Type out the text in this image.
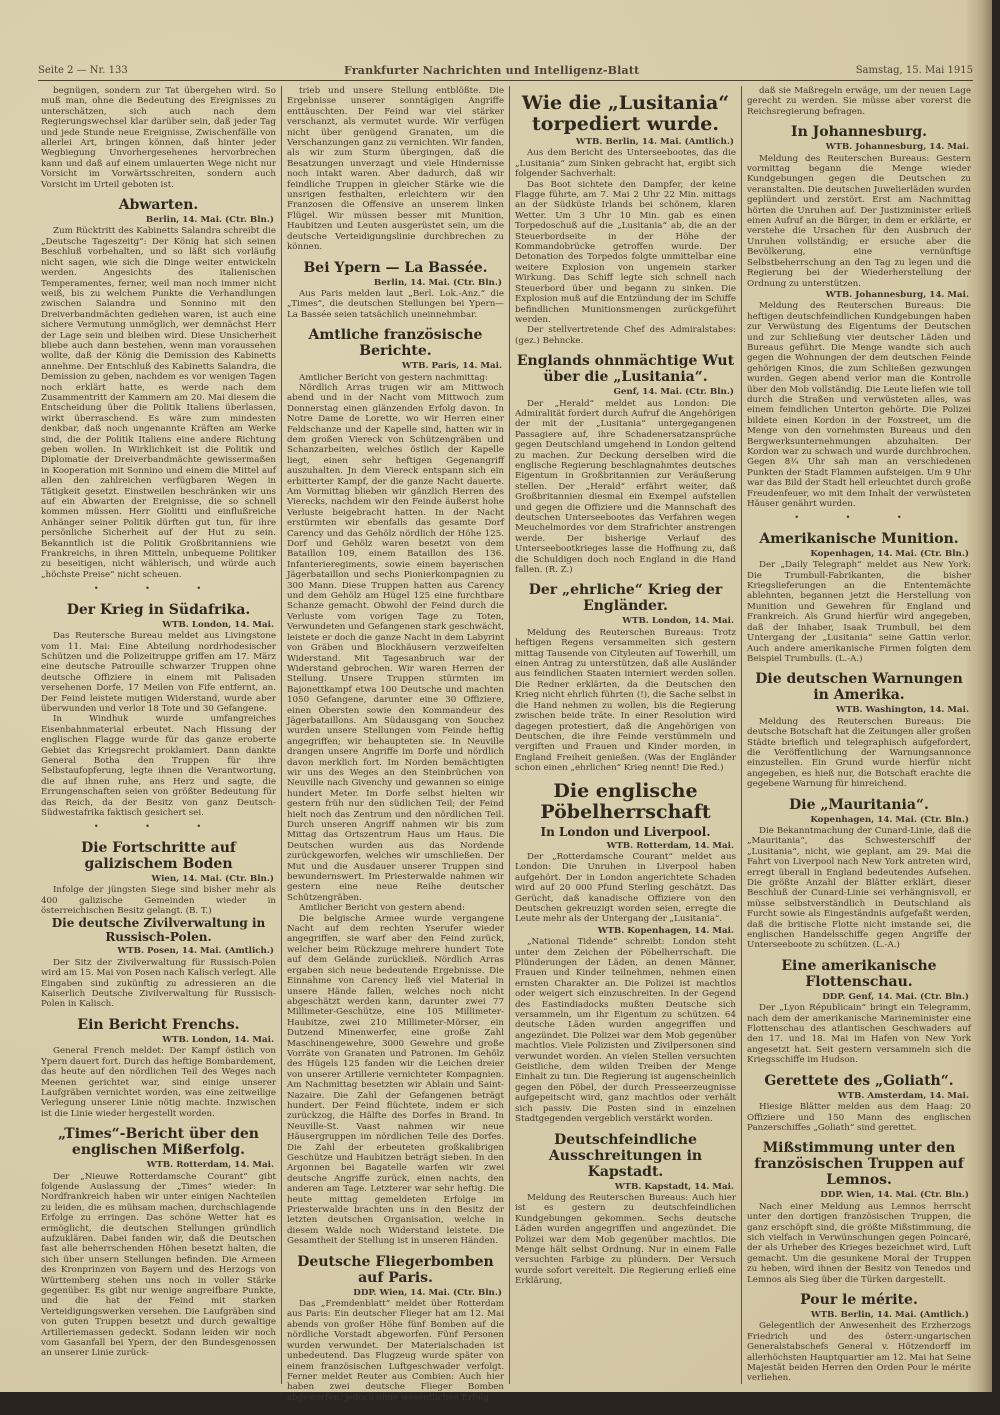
Seite 2 — Nr. 133	Frankfurter Nachrichten und Intelligenz-Blatt	Samstag, 15. Mai 1915

begnügen, sondern zur Tat übergehen wird. So muß man, ohne die Bedeutung des Ereignisses zu unterschätzen, sich auch nach dem Regierungswechsel klar darüber sein, daß jeder Tag und jede Stunde neue Ereignisse, Zwischenfälle von allerlei Art, bringen können, daß hinter jeder Wegbiegung Unvorhergesehenes hervorbrechen kann und daß auf einem umlauerten Wege nicht nur Vorsicht im Vorwärtsschreiten, sondern auch Vorsicht im Urteil geboten ist.

Abwarten.
Berlin, 14. Mai. (Ctr. Bln.)

Zum Rücktritt des Kabinetts Salandra schreibt die „Deutsche Tageszeitg“: Der König hat sich seinen Beschluß vorbehalten, und so läßt sich vorläufig nicht sagen, wie sich die Dinge weiter entwickeln werden. Angesichts des italienischen Temperamentes, ferner, weil man noch immer nicht weiß, bis zu welchem Punkte die Verhandlungen zwischen Salandra und Sonnino mit den Dreiverbandmächten gediehen waren, ist auch eine sichere Vermutung unmöglich, wer demnächst Herr der Lage sein und bleiben wird. Diese Unsicherheit bliebe auch dann bestehen, wenn man voraussehen wollte, daß der König die Demission des Kabinetts annehme. Der Entschluß des Kabinetts Salandra, die Demission zu geben, nachdem es vor wenigen Tagen noch erklärt hatte, es werde nach dem Zusammentritt der Kammern am 20. Mai diesem die Entscheidung über die Politik Italiens überlassen, wirkt überraschend. Es wäre zum mindesten denkbar, daß noch ungenannte Kräften am Werke sind, die der Politik Italiens eine andere Richtung geben wollen. In Wirklichkeit ist die Politik und Diplomatie der Dreiverbandmächte gewissermaßen in Kooperation mit Sonnino und einem die Mittel auf allen den zahlreichen verfügbaren Wegen in Tätigkeit gesetzt. Einstweilen beschränken wir uns auf ein Abwarten der Ereignisse, die so schnell kommen müssen. Herr Giolitti und einflußreiche Anhänger seiner Politik dürften gut tun, für ihre persönliche Sicherheit auf der Hut zu sein. Bekanntlich ist die Politik Großbritanniens wie Frankreichs, in ihren Mitteln, unbequeme Politiker zu beseitigen, nicht wählerisch, und würde auch „höchste Preise“ nicht scheuen.

• • •
Der Krieg in Südafrika.
WTB. London, 14. Mai.

Das Reutersche Bureau meldet aus Livingstone vom 11. Mai: Eine Abteilung nordrhodesischer Schützen und die Polizeitruppe griffen am 17. März eine deutsche Patrouille schwarzer Truppen ohne deutsche Offiziere in einem mit Palisaden versehenen Dorfe, 17 Meilen von Fife entfernt, an. Der Feind leistete mutigen Widerstand, wurde aber überwunden und verlor 18 Tote und 30 Gefangene.

In Windhuk wurde umfangreiches Eisenbahnmaterial erbeutet. Nach Hissung der englischen Flagge wurde für das ganze eroberte Gebiet das Kriegsrecht proklamiert. Dann dankte General Botha den Truppen für ihre Selbstaufopferung, legte ihnen die Verantwortung, die auf ihnen ruhe, ans Herz und sagte, die Errungenschaften seien von größter Bedeutung für das Reich, da der Besitz von ganz Deutsch-Südwestafrika faktisch gesichert sei.

• • •
Die Fortschritte auf galizischem Boden
Wien, 14. Mai. (Ctr. Bln.)

Infolge der jüngsten Siege sind bisher mehr als 400 galizische Gemeinden wieder in österreichischen Besitz gelangt. (B. T.)

Die deutsche Zivilverwaltung in Russisch-Polen.
WTB. Posen, 14. Mai. (Amtlich.)

Der Sitz der Zivilverwaltung für Russisch-Polen wird am 15. Mai von Posen nach Kalisch verlegt. Alle Eingaben sind zukünftig zu adressieren an die Kaiserlich Deutsche Zivilverwaltung für Russisch-Polen in Kalisch.

Ein Bericht Frenchs.
WTB. London, 14. Mai.

General French meldet: Der Kampf östlich von Ypern dauert fort. Durch das heftige Bombardement, das heute auf den nördlichen Teil des Weges nach Meenen gerichtet war, sind einige unserer Laufgräben vernichtet worden, was eine zeitweilige Verlegung unserer Linie nötig machte. Inzwischen ist die Linie wieder hergestellt worden.

„Times“-Bericht über den englischen Mißerfolg.
WTB. Rotterdam, 14. Mai.

Der „Nieuwe Rotterdamsche Courant“ gibt folgende Auslassung der „Times“ wieder: In Nordfrankreich haben wir unter einigen Nachteilen zu leiden, die es mühsam machen, durchschlagende Erfolge zu erringen. Das schöne Wetter hat es ermöglicht, die deutschen Stellungen gründlich aufzuklären. Dabei fanden wir, daß die Deutschen fast alle beherrschenden Höhen besetzt halten, die sich über unsern Stellungen befinden. Die Armeen des Kronprinzen von Bayern und des Herzogs von Württemberg stehen uns noch in voller Stärke gegenüber. Es gibt nur wenige angreifbare Punkte, und die hat der Feind mit starken Verteidigungswerken versehen. Die Laufgräben sind von guten Truppen besetzt und durch gewaltige Artilleriemassen gedeckt. Sodann leiden wir noch vom Gasanfall bei Ypern, der den Bundesgenossen an unserer Linie zurück-

trieb und unsere Stellung entblößte. Die Ergebnisse unserer sonntägigen Angriffe enttäuschten. Der Feind war viel stärker verschanzt, als vermutet wurde. Wir verfügen nicht über genügend Granaten, um die Verschanzungen ganz zu vernichten. Wir fanden, als wir zum Sturm übergingen, daß die Besatzungen unverzagt und viele Hindernisse noch intakt waren. Aber dadurch, daß wir feindliche Truppen in gleicher Stärke wie die unsrigen festhalten, erleichtern wir den Franzosen die Offensive an unserem linken Flügel. Wir müssen besser mit Munition, Haubitzen und Leuten ausgerüstet sein, um die deutsche Verteidigungslinie durchbrechen zu können.

Bei Ypern — La Bassée.
Berlin, 14. Mai. (Ctr. Bln.)

Aus Paris melden laut „Berl. Lok.-Anz.“ die „Times“, die deutschen Stellungen bei Ypern—La Bassée seien tatsächlich uneinnehmbar.

Amtliche französische Berichte.
WTB. Paris, 14. Mai.

Amtlicher Bericht von gestern nachmittag:

Nördlich Arras trugen wir am Mittwoch abend und in der Nacht vom Mittwoch zum Donnerstag einen glänzenden Erfolg davon. In Notre Dame de Lorette, wo wir Herren einer Feldschanze und der Kapelle sind, hatten wir in dem großen Viereck von Schützengräben und Schanzarbeiten, welches östlich der Kapelle liegt, einen sehr heftigen Gegenangriff auszuhalten. Jn dem Viereck entspann sich ein erbitterter Kampf, der die ganze Nacht dauerte. Am Vormittag blieben wir gänzlich Herren des Vierecks, nachdem wir den Feinde äußerst hohe Verluste beigebracht hatten. In der Nacht erstürmten wir ebenfalls das gesamte Dorf Carency und das Gehölz nördlich der Höhe 125. Dorf und Gehölz waren besetzt von dem Bataillon 109, einem Bataillon des 136. Infanterieregiments, sowie einem bayerischen Jägerbataillon und sechs Pionierkompagnien zu 300 Mann. Diese Truppen hatten aus Carency und dem Gehölz am Hügel 125 eine furchtbare Schanze gemacht. Obwohl der Feind durch die Verluste vom vorigen Tage zu Toten, Verwundeten und Gefangenen stark geschwächt, leistete er doch die ganze Nacht in dem Labyrint von Gräben und Blockhäusern verzweifelten Widerstand. Mit Tagesanbruch war der Widerstand gebrochen. Wir waren Herren der Stellung. Unsere Truppen stürmten im Bajonettkampf etwa 100 Deutsche und machten 1050 Gefangene, darunter eine 30 Offiziere, einen Obersten sowie den Kommandeur des Jägerbataillons. Am Südausgang von Souchez wurden unsere Stellungen vom Feinde heftig angegriffen; wir behaupteten sie. In Neuville drangen unsere Angriffe im Dorfe und nördlich davon merklich fort. Im Norden bemächtigten wir uns des Weges an den Steinbrüchen von Neuville nach Givenchy und gewannen so einige hundert Meter. Im Dorfe selbst hielten wir gestern früh nur den südlichen Teil; der Feind hielt noch das Zentrum und den nördlichen Teil. Durch unseren Angriff nahmen wir bis zum Mittag das Ortszentrum Haus um Haus. Die Deutschen wurden aus das Nordende zurückgeworfen, welches wir umschließen. Der Mut und die Ausdauer unserer Truppen sind bewundernswert. Im Priesterwalde nahmen wir gestern eine neue Reihe deutscher Schützengräben.

Amtlicher Bericht von gestern abend:

Die belgische Armee wurde vergangene Nacht auf dem rechten Yserufer wieder angegriffen, sie warf aber den Feind zurück, welcher beim Rückzuge mehrere hundert Tote auf dem Gelände zurückließ. Nördlich Arras ergaben sich neue bedeutende Ergebnisse. Die Einnahme von Carency ließ viel Material in unsere Hände fallen, welches noch nicht abgeschätzt werden kann, darunter zwei 77 Millimeter-Geschütze, eine 105 Millimeter-Haubitze, zwei 210 Millimeter-Mörser, ein Dutzend Minenwerfer, eine große Zahl Maschinengewehre, 3000 Gewehre und große Vorräte von Granaten und Patronen. Im Gehölz des Hügels 125 fanden wir die Leichen dreier von unserer Artillerie vernichteter Kompagnien. Am Nachmittag besetzten wir Ablain und Saint-Nazaire. Die Zahl der Gefangenen beträgt hundert. Der Feind flüchtete, indem er sich zurückzog, die Hälfte des Dorfes in Brand. In Neuville-St. Vaast nahmen wir neue Häusergruppen im nördlichen Teile des Dorfes. Die Zahl der erbeuteten großkalibrigen Geschütze und Haubitzen beträgt sieben. In den Argonnen bei Bagatelle warfen wir zwei deutsche Angriffe zurück, einen nachts, den anderen am Tage. Letzterer war sehr heftig. Die heute mittag gemeldeten Erfolge im Priesterwalde brachten uns in den Besitz der letzten deutschen Organisation, welche in diesem Walde noch Widerstand leistete. Die Gesamtheit der Stellung ist in unseren Händen.

Deutsche Fliegerbomben auf Paris.
DDP. Wien, 14. Mai. (Ctr. Bln.)

Das „Fremdenblatt“ meldet über Rotterdam aus Paris: Ein deutscher Flieger hat am 12. Mai abends von großer Höhe fünf Bomben auf die nördliche Vorstadt abgeworfen. Fünf Personen wurden verwundet. Der Materialschaden ist unbedeutend. Das Flugzeug wurde später von einem französischen Luftgeschwader verfolgt. Ferner meldet Reuter aus Combien: Auch hier haben zwei deutsche Flieger Bomben abgeworfen, jedoch ohne wesentlichen Erfolg.

Wie die „Lusitania“ torpediert wurde.
WTB. Berlin, 14. Mai. (Amtlich.)

Aus dem Bericht des Unterseebootes, das die „Lusitania“ zum Sinken gebracht hat, ergibt sich folgender Sachverhalt:

Das Boot sichtete den Dampfer, der keine Flagge führte, am 7. Mai 2 Uhr 22 Min. mittags an der Südküste Irlands bei schönem, klaren Wetter. Um 3 Uhr 10 Min. gab es einen Torpedoschuß auf die „Lusitania“ ab, die an der Steuerbordseite in der Höhe der Kommandobrücke getroffen wurde. Der Detonation des Torpedos folgte unmittelbar eine weitere Explosion von ungemein starker Wirkung. Das Schiff legte sich schnell nach Steuerbord über und begann zu sinken. Die Explosion muß auf die Entzündung der im Schiffe befindlichen Munitionsmengen zurückgeführt werden.

Der stellvertretende Chef des Admiralstabes: (gez.) Behncke.

Englands ohnmächtige Wut über die „Lusitania“.
Genf, 14. Mai. (Ctr. Bln.)

Der „Herald“ meldet aus London: Die Admiralität fordert durch Aufruf die Angehörigen der mit der „Lusitania“ untergegangenen Passagiere auf, ihre Schadenersatzansprüche gegen Deutschland umgehend in London geltend zu machen. Zur Deckung derselben wird die englische Regierung beschlagnahmtes deutsches Eigentum in Großbritannien zur Veräußerung stellen. Der „Herald“ erfährt weiter, daß Großbritannien diesmal ein Exempel aufstellen und gegen die Offiziere und die Mannschaft des deutschen Unterseebootes das Verfahren wegen Meuchelmordes vor dem Strafrichter anstrengen werde. Der bisherige Verlauf des Unterseebootkrieges lasse die Hoffnung zu, daß die Schuldigen doch noch England in die Hand fallen. (R. Z.)

Der „ehrliche“ Krieg der Engländer.
WTB. London, 14. Mai.

Meldung des Reuterschen Bureaus: Trotz heftigen Regens versammelten sich gestern mittag Tausende von Cityleuten auf Towerhill, um einen Antrag zu unterstützen, daß alle Ausländer aus feindlichen Staaten interniert werden sollen. Die Redner erklärten, da die Deutschen den Krieg nicht ehrlich führten (!), die Sache selbst in die Hand nehmen zu wollen, bis die Regierung zwischen beide träte. In einer Resolution wird dagegen protestiert, daß die Angehörigen von Deutschen, die ihre Feinde verstümmeln und vergiften und Frauen und Kinder morden, in England Freiheit genießen. (Was der Engländer schon einen „ehrlichen“ Krieg nennt! Die Red.)

Die englische Pöbelherrschaft
In London und Liverpool.
WTB. Rotterdam, 14. Mai.

Der „Rotterdamsche Courant“ meldet aus London: Die Unruhen in Liverpool haben aufgehört. Der in London angerichtete Schaden wird auf 20 000 Pfund Sterling geschätzt. Das Gerücht, daß kanadische Offiziere von den Deutschen gekreuzigt worden seien, erregte die Leute mehr als der Untergang der „Lusitania“.

WTB. Kopenhagen, 14. Mai.

„National Tidende“ schreibt: London steht unter dem Zeichen der Pöbelherrschaft. Die Plünderungen der Läden, an denen Männer, Frauen und Kinder teilnehmen, nehmen einen ernsten Charakter an. Die Polizei ist machtlos oder weigert sich einzuschreiten. In der Gegend des Eastindiadocks mußten Deutsche sich versammeln, um ihr Eigentum zu schützen. 64 deutsche Läden wurden angegriffen und angezündet. Die Polizei war dem Mob gegenüber machtlos. Viele Polizisten und Zivilpersonen sind verwundet worden. An vielen Stellen versuchten Geistliche, dem wilden Treiben der Menge Einhalt zu tun. Die Regierung ist augenscheinlich gegen den Pöbel, der durch Presseerzeugnisse aufgepeitscht wird, ganz machtlos oder verhält sich passiv. Die Posten sind in einzelnen Stadtgegenden vergeblich verstärkt worden.

Deutschfeindliche Ausschreitungen in Kapstadt.
WTB. Kapstadt, 14. Mai.

Meldung des Reuterschen Bureaus: Auch hier ist es gestern zu deutschfeindlichen Kundgebungen gekommen. Sechs deutsche Läden wurden angegriffen und angezündet. Die Polizei war dem Mob gegenüber machtlos. Die Menge hält selbst Ordnung. Nur in einem Falle versuchten Farbige zu plündern. Der Versuch wurde sofort vereitelt. Die Regierung erließ eine Erklärung,

daß sie Maßregeln erwäge, um der neuen Lage gerecht zu werden. Sie müsse aber vorerst die Reichsregierung befragen.

In Johannesburg.
WTB. Johannesburg, 14. Mai.

Meldung des Reuterschen Bureaus: Gestern vormittag begann die Menge wieder Kundgebungen gegen die Deutschen zu veranstalten. Die deutschen Juwelierläden wurden geplündert und zerstört. Erst am Nachmittag hörten die Unruhen auf. Der Justizminister erließ einen Aufruf an die Bürger, in dem er erklärte, er verstehe die Ursachen für den Ausbruch der Unruhen vollständig; er ersuche aber die Bevölkerung, eine vernünftige Selbstbeherrschung an den Tag zu legen und die Regierung bei der Wiederherstellung der Ordnung zu unterstützen.

WTB. Johannesburg, 14. Mai.

Meldung des Reuterschen Bureaus: Die heftigen deutschfeindlichen Kundgebungen haben zur Verwüstung des Eigentums der Deutschen und zur Schließung vier deutscher Läden und Bureaus geführt. Die Menge wandte sich auch gegen die Wohnungen der dem deutschen Feinde gehörigen Kinos, die zum Schließen gezwungen wurden. Gegen abend verlor man die Kontrolle über den Mob vollständig. Die Leute liefen wie toll durch die Straßen und verwüsteten alles, was einem feindlichen Unterton gehörte. Die Polizei bildete einen Kordon in der Foxstreet, um die Menge von den vornehmsten Bureaus und den Bergwerksunternehmungen abzuhalten. Der Kordon war zu schwach und wurde durchbrochen. Gegen 8¾ Uhr sah man an verschiedenen Punkten der Stadt Flammen aufsteigen. Um 9 Uhr war das Bild der Stadt hell erleuchtet durch große Freudenfeuer, wo mit dem Inhalt der verwüsteten Häuser genährt wurden.

• • •
Amerikanische Munition.
Kopenhagen, 14. Mai. (Ctr. Bln.)

Der „Daily Telegraph“ meldet aus New York: Die Trumbull-Fabrikanten, die bisher Kriegslieferungen an die Ententemächte ablehnten, begannen jetzt die Herstellung von Munition und Gewehren für England und Frankreich. Als Grund hierfür wird angegeben, daß der Inhaber, Isaak Trumbull, bei dem Untergang der „Lusitania“ seine Gattin verlor. Auch andere amerikanische Firmen folgten dem Beispiel Trumbulls. (L.-A.)

Die deutschen Warnungen in Amerika.
WTB. Washington, 14. Mai.

Meldung des Reuterschen Bureaus: Die deutsche Botschaft hat die Zeitungen aller großen Städte brieflich und telegraphisch aufgefordert, die Veröffentlichung der Warnungsannonce einzustellen. Ein Grund wurde hierfür nicht angegeben, es hieß nur, die Botschaft erachte die gegebene Warnung für hinreichend.

Die „Mauritania“.
Kopenhagen, 14. Mai. (Ctr. Bln.)

Die Bekanntmachung der Cunard-Linie, daß die „Mauritania“, das Schwesterschiff der „Lusitania“, nicht, wie geplant, am 29. Mai die Fahrt von Liverpool nach New York antreten wird, erregt überall in England bedeutendes Aufsehen. Die größte Anzahl der Blätter erklärt, dieser Beschluß der Cunard-Linie sei verhängnisvoll, er müsse selbstverständlich in Deutschland als Furcht sowie als Eingeständnis aufgefaßt werden, daß die britische Flotte nicht imstande sei, die englischen Handelsschiffe gegen Angriffe der Unterseeboote zu schützen. (L.-A.)

Eine amerikanische Flottenschau.
DDP. Genf, 14. Mai. (Ctr. Bln.)

Der „Lyon Républicain“ bringt ein Telegramm, nach dem der amerikanische Marineminister eine Flottenschau des atlantischen Geschwaders auf den 17. und 18. Mai im Hafen von New York angesetzt hat. Seit gestern versammeln sich die Kriegsschiffe im Hudson.

Gerettete des „Goliath“.
WTB. Amsterdam, 14. Mai.

Hiesige Blätter melden aus dem Haag: 20 Offiziere und 150 Mann des englischen Panzerschiffes „Goliath“ sind gerettet.

Mißstimmung unter den französischen Truppen auf Lemnos.
DDP. Wien, 14. Mai. (Ctr. Bln.)

Nach einer Meldung aus Lemnos herrscht unter den dortigen französischen Truppen, die ganz erschöpft sind, die größte Mißstimmung, die sich vielfach in Verwünschungen gegen Poincaré, der als Urheber des Krieges bezeichnet wird, Luft gemacht. Um die gesunkene Moral der Truppen zu heben, wird ihnen der Besitz von Tenedos und Lemnos als Sieg über die Türken dargestellt.

Pour le mérite.
WTB. Berlin, 14. Mai. (Amtlich.)

Gelegentlich der Anwesenheit des Erzherzogs Friedrich und des österr.-ungarischen Generalstabschefs General v. Hötzendorff im allerhöchsten Hauptquartier am 12. Mai hat Seine Majestät beiden Herren den Orden Pour le mérite verliehen.
